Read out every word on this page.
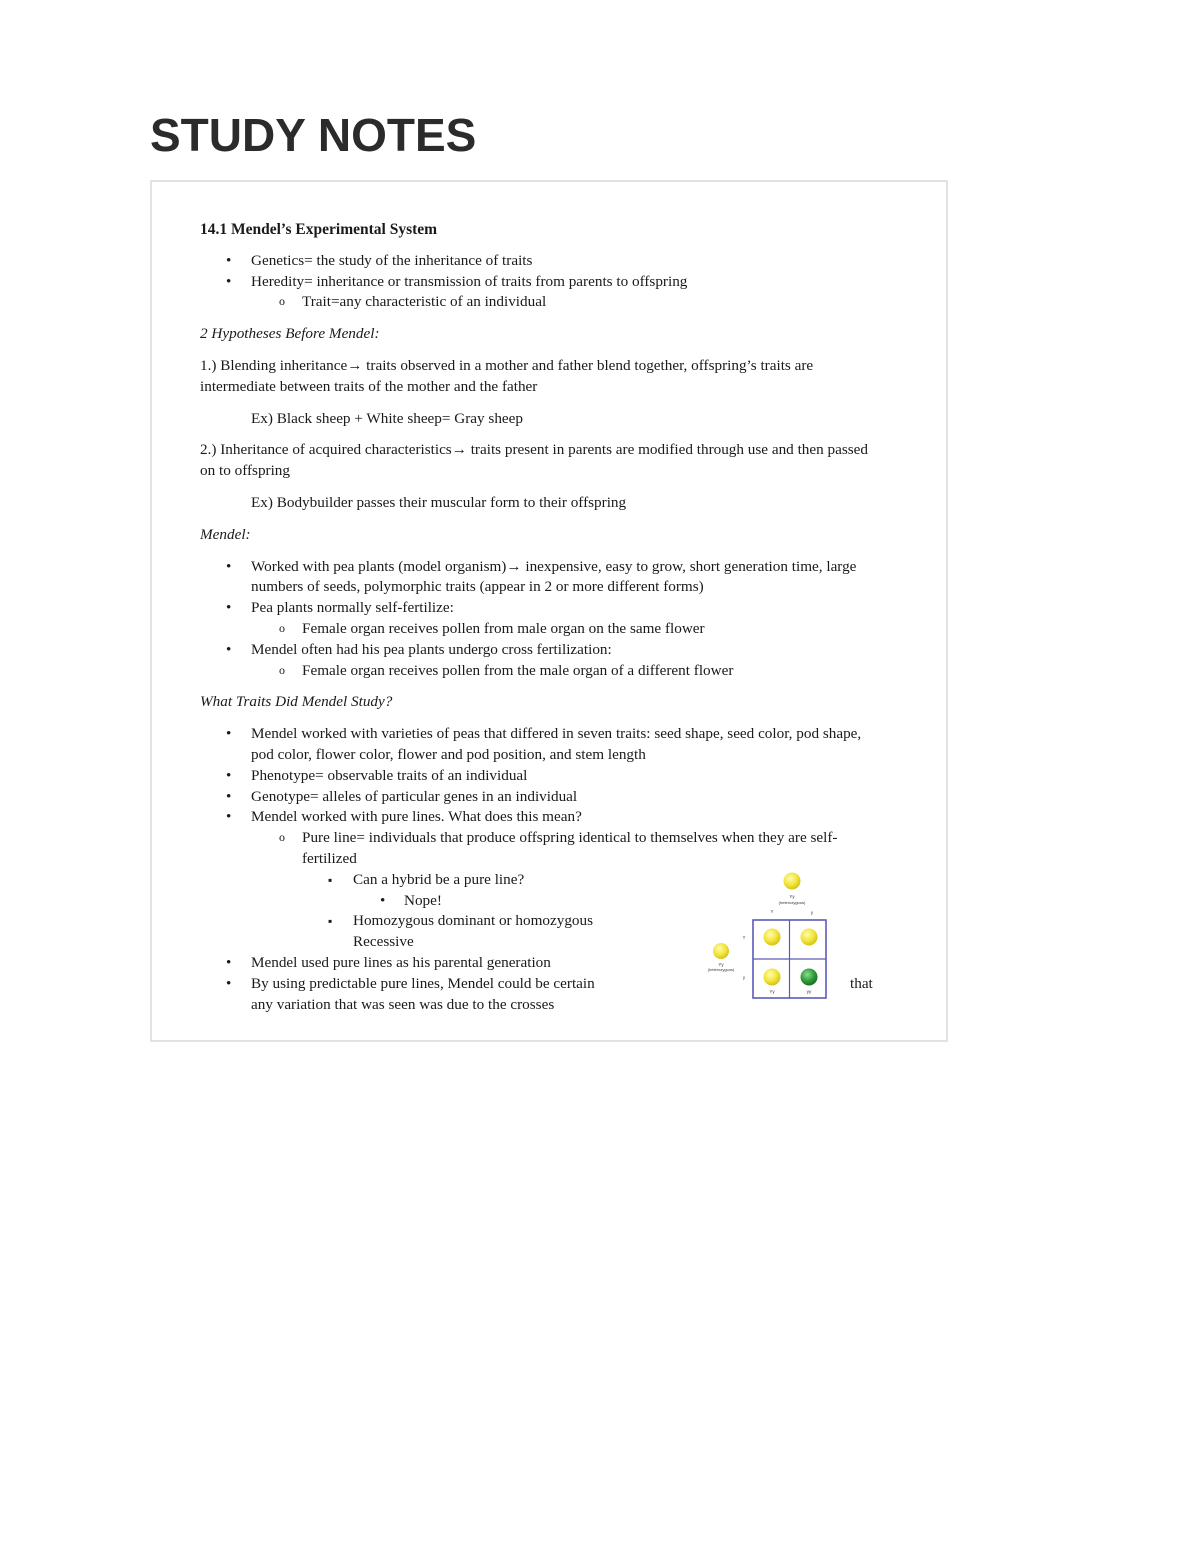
STUDY NOTES

14.1 Mendel’s Experimental System

• Genetics= the study of the inheritance of traits
• Heredity= inheritance or transmission of traits from parents to offspring
o Trait=any characteristic of an individual

2 Hypotheses Before Mendel:

1.) Blending inheritance→ traits observed in a mother and father blend together, offspring’s traits are intermediate between traits of the mother and the father

Ex) Black sheep + White sheep= Gray sheep

2.) Inheritance of acquired characteristics→ traits present in parents are modified through use and then passed on to offspring

Ex) Bodybuilder passes their muscular form to their offspring

Mendel:

• Worked with pea plants (model organism)→ inexpensive, easy to grow, short generation time, large numbers of seeds, polymorphic traits (appear in 2 or more different forms)
• Pea plants normally self-fertilize:
o Female organ receives pollen from male organ on the same flower
• Mendel often had his pea plants undergo cross fertilization:
o Female organ receives pollen from the male organ of a different flower

What Traits Did Mendel Study?

• Mendel worked with varieties of peas that differed in seven traits: seed shape, seed color, pod shape, pod color, flower color, flower and pod position, and stem length
• Phenotype= observable traits of an individual
• Genotype= alleles of particular genes in an individual
• Mendel worked with pure lines. What does this mean?
o Pure line= individuals that produce offspring identical to themselves when they are self-fertilized
▪ Can a hybrid be a pure line?
• Nope!
▪ Homozygous dominant or homozygous Recessive
• Mendel used pure lines as his parental generation
• By using predictable pure lines, Mendel could be certain	that

any variation that was seen was due to the crosses
Yy
(heterozygous)
Y	y
Yy
(heterozygous)
Y
y
Yy	yy
